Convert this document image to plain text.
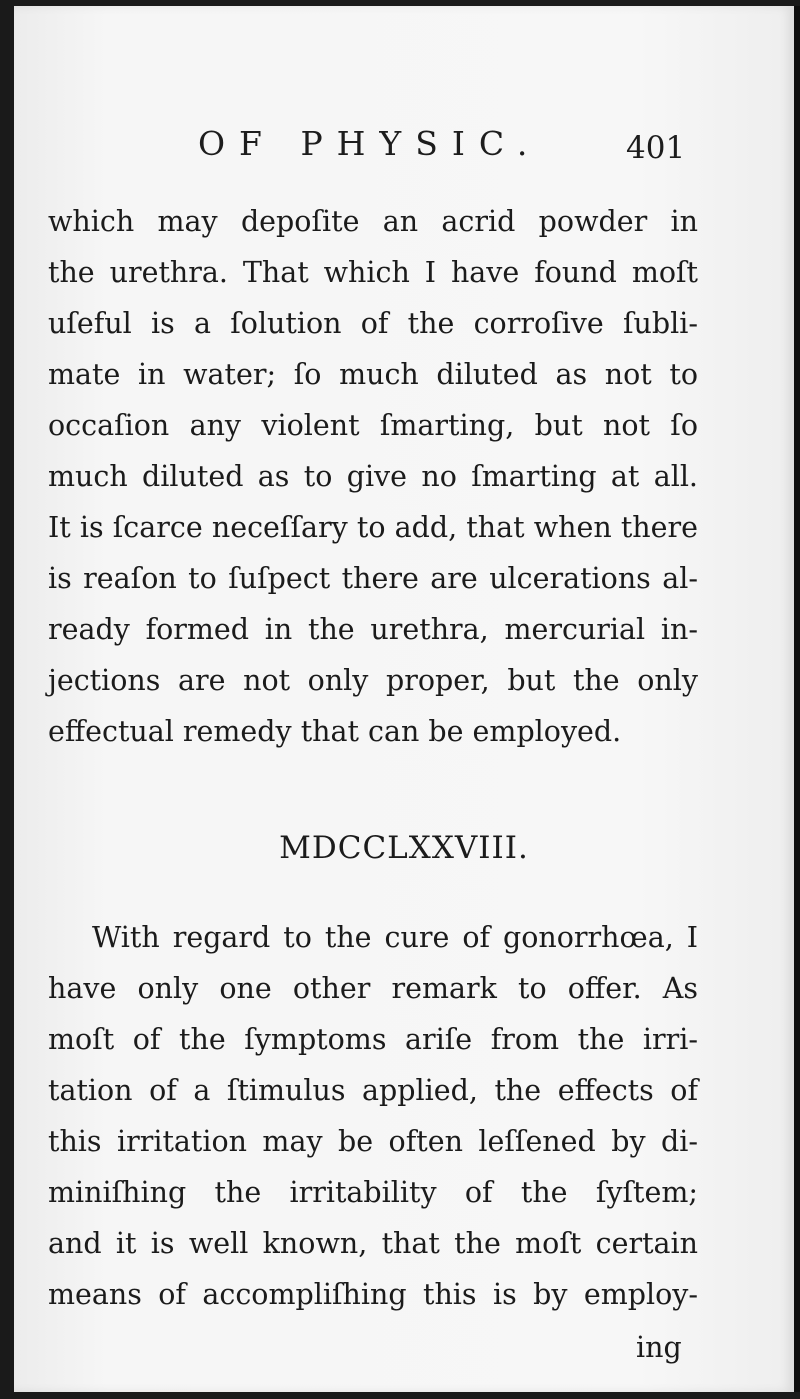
OF PHYSIC.	401
which may depoſite an acrid powder in
the urethra. That which I have found moſt
uſeful is a ſolution of the corroſive ſubli-
mate in water; ſo much diluted as not to
occaſion any violent ſmarting, but not ſo
much diluted as to give no ſmarting at all.
It is ſcarce neceſſary to add, that when there
is reaſon to ſuſpect there are ulcerations al-
ready formed in the urethra, mercurial in-
jections are not only proper, but the only
effectual remedy that can be employed.
MDCCLXXVIII.
With regard to the cure of gonorrhœa, I
have only one other remark to offer. As
moſt of the ſymptoms ariſe from the irri-
tation of a ſtimulus applied, the effects of
this irritation may be often leſſened by di-
miniſhing the irritability of the ſyſtem;
and it is well known, that the moſt certain
means of accompliſhing this is by employ-
ing
